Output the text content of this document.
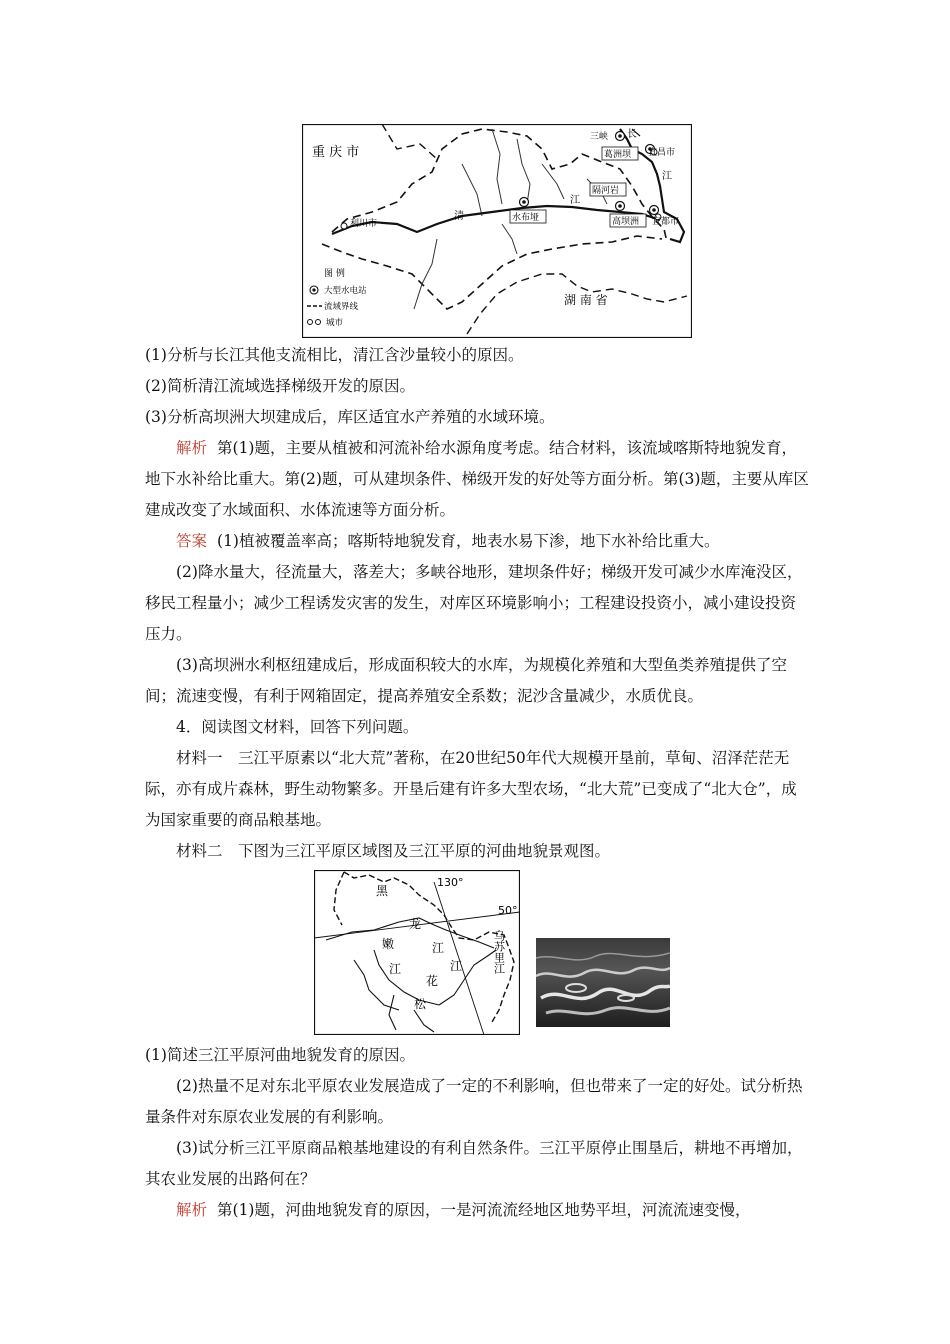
重 庆 市
三峡 长
江
葛洲坝 宜昌市
隔河岩
江
水布垭	高坝洲 宜都市
利川市
清
湖 南 省
图 例
大型水电站
流域界线
城市

(1)分析与长江其他支流相比，清江含沙量较小的原因。

(2)简析清江流域选择梯级开发的原因。

(3)分析高坝洲大坝建成后，库区适宜水产养殖的水域环境。

解析 第(1)题，主要从植被和河流补给水源角度考虑。结合材料，该流域喀斯特地貌发育，地下水补给比重大。第(2)题，可从建坝条件、梯级开发的好处等方面分析。第(3)题，主要从库区建成改变了水域面积、水体流速等方面分析。

答案 (1)植被覆盖率高；喀斯特地貌发育，地表水易下渗，地下水补给比重大。

(2)降水量大，径流量大，落差大；多峡谷地形，建坝条件好；梯级开发可减少水库淹没区，移民工程量小；减少工程诱发灾害的发生，对库区环境影响小；工程建设投资小，减小建设投资压力。

(3)高坝洲水利枢纽建成后，形成面积较大的水库，为规模化养殖和大型鱼类养殖提供了空间；流速变慢，有利于网箱固定，提高养殖安全系数；泥沙含量减少，水质优良。

4．阅读图文材料，回答下列问题。

材料一　三江平原素以“北大荒”著称，在20世纪50年代大规模开垦前，草甸、沼泽茫茫无际，亦有成片森林，野生动物繁多。开垦后建有许多大型农场，“北大荒”已变成了“北大仓”，成为国家重要的商品粮基地。

材料二　下图为三江平原区域图及三江平原的河曲地貌景观图。

130°
50°
黑
龙
江
嫩
江
松
花
江	乌苏里江

(1)简述三江平原河曲地貌发育的原因。

(2)热量不足对东北平原农业发展造成了一定的不利影响，但也带来了一定的好处。试分析热量条件对东原农业发展的有利影响。

(3)试分析三江平原商品粮基地建设的有利自然条件。三江平原停止围垦后，耕地不再增加，其农业发展的出路何在？

解析 第(1)题，河曲地貌发育的原因，一是河流流经地区地势平坦，河流流速变慢，
